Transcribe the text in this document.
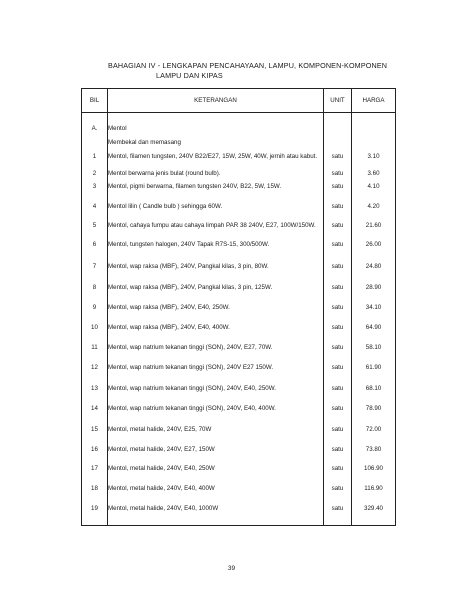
BAHAGIAN IV - LENGKAPAN PENCAHAYAAN, LAMPU, KOMPONEN-KOMPONEN
LAMPU DAN KIPAS
BIL	KETERANGAN	UNIT	HARGA

A.	Mentol		
	Membekal dan memasang		
1	Mentol, filamen tungsten, 240V B22/E27, 15W, 25W, 40W, jernih atau kabut.	satu	3.10
2	Mentol berwarna jenis bulat (round bulb).	satu	3.60
3	Mentol, pigmi berwarna, filamen tungsten 240V, B22, 5W, 15W.	satu	4.10
4	Mentol lilin ( Candle bulb ) sehingga 60W.	satu	4.20
5	Mentol, cahaya fumpu atau cahaya limpah PAR 38 240V, E27, 100W/150W.	satu	21.60
6	Mentol, tungsten halogen, 240V Tapak R7S-15, 300/500W.	satu	26.00
7	Mentol, wap raksa (MBF), 240V, Pangkal kilas, 3 pin, 80W.	satu	24.80
8	Mentol, wap raksa (MBF), 240V, Pangkal kilas, 3 pin, 125W.	satu	28.90
9	Mentol, wap raksa (MBF), 240V, E40, 250W.	satu	34.10
10	Mentol, wap raksa (MBF), 240V, E40, 400W.	satu	64.90
11	Mentol, wap natrium tekanan tinggi (SON), 240V, E27, 70W.	satu	58.10
12	Mentol, wap natrium tekanan tinggi (SON), 240V E27 150W.	satu	61.90
13	Mentol, wap natrium tekanan tinggi (SON), 240V, E40, 250W.	satu	68.10
14	Mentol, wap natrium tekanan tinggi (SON), 240V, E40, 400W.	satu	78.90
15	Mentol, metal halide, 240V, E25, 70W	satu	72.00
16	Mentol, metal halide, 240V, E27, 150W	satu	73.80
17	Mentol, metal halide, 240V, E40, 250W	satu	106.90
18	Mentol, metal halide, 240V, E40, 400W	satu	116.90
19	Mentol, metal halide, 240V, E40, 1000W	satu	329.40
39
